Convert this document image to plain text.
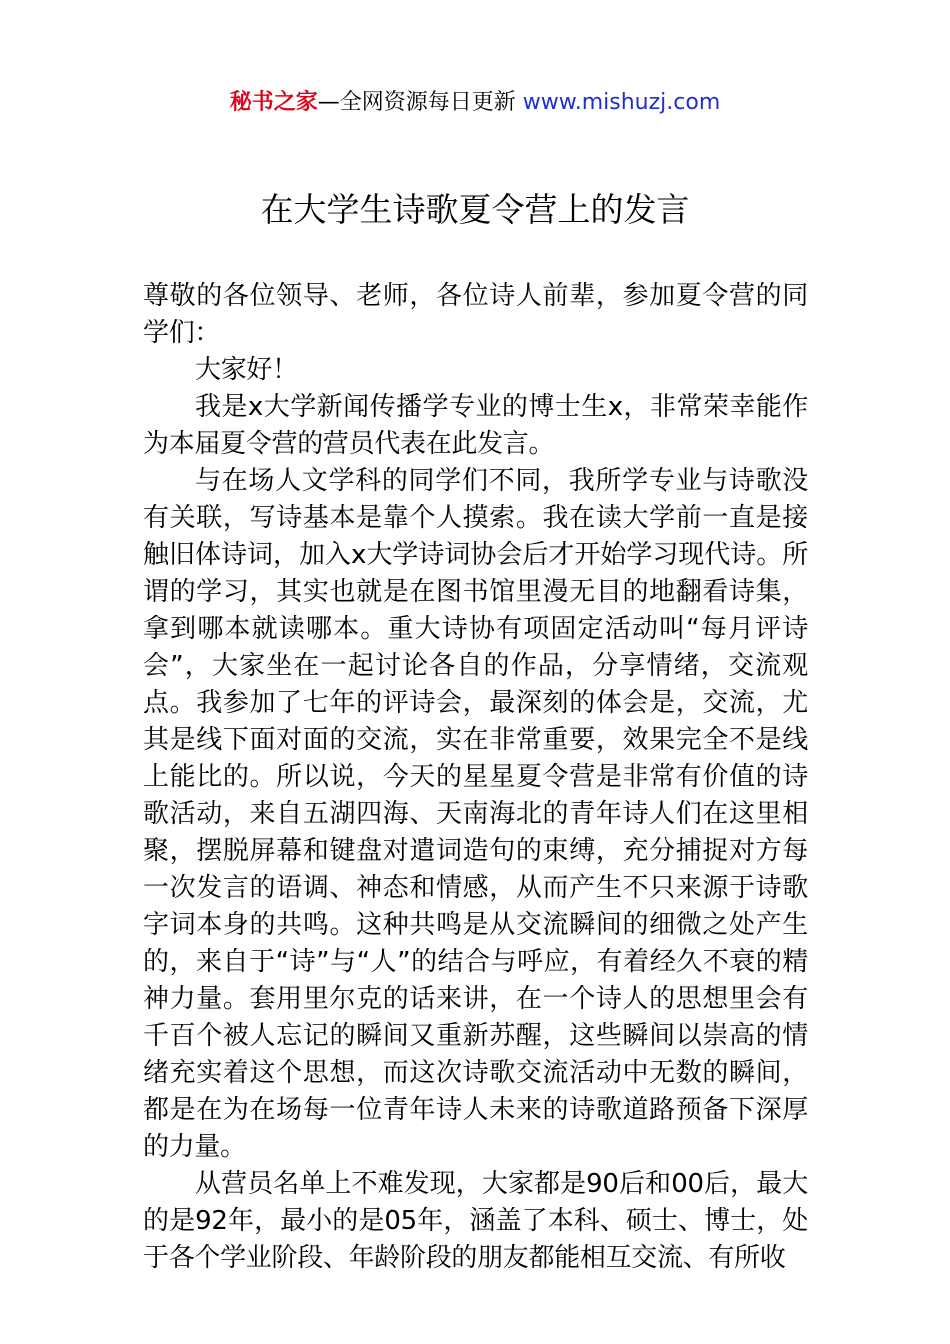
秘书之家—全网资源每日更新 www.mishuzj.com
在大学生诗歌夏令营上的发言

尊敬的各位领导、老师，各位诗人前辈，参加夏令营的同学们：

大家好！

我是x大学新闻传播学专业的博士生x，非常荣幸能作为本届夏令营的营员代表在此发言。

与在场人文学科的同学们不同，我所学专业与诗歌没有关联，写诗基本是靠个人摸索。我在读大学前一直是接触旧体诗词，加入x大学诗词协会后才开始学习现代诗。所谓的学习，其实也就是在图书馆里漫无目的地翻看诗集，拿到哪本就读哪本。重大诗协有项固定活动叫“每月评诗会”，大家坐在一起讨论各自的作品，分享情绪，交流观点。我参加了七年的评诗会，最深刻的体会是，交流，尤其是线下面对面的交流，实在非常重要，效果完全不是线上能比的。所以说，今天的星星夏令营是非常有价值的诗歌活动，来自五湖四海、天南海北的青年诗人们在这里相聚，摆脱屏幕和键盘对遣词造句的束缚，充分捕捉对方每一次发言的语调、神态和情感，从而产生不只来源于诗歌字词本身的共鸣。这种共鸣是从交流瞬间的细微之处产生的，来自于“诗”与“人”的结合与呼应，有着经久不衰的精神力量。套用里尔克的话来讲，在一个诗人的思想里会有千百个被人忘记的瞬间又重新苏醒，这些瞬间以崇高的情绪充实着这个思想，而这次诗歌交流活动中无数的瞬间，都是在为在场每一位青年诗人未来的诗歌道路预备下深厚的力量。

从营员名单上不难发现，大家都是90后和00后，最大的是92年，最小的是05年，涵盖了本科、硕士、博士，处于各个学业阶段、年龄阶段的朋友都能相互交流、有所收
